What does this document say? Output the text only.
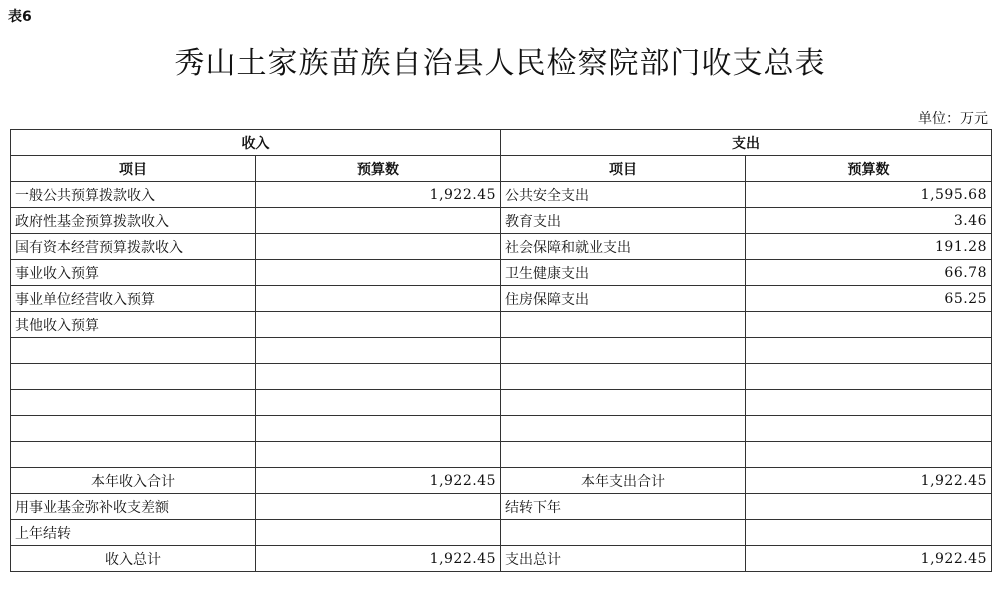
表6
秀山土家族苗族自治县人民检察院部门收支总表
单位：万元
收入		支出	
项目	预算数	项目	预算数
一般公共预算拨款收入	1,922.45	公共安全支出	1,595.68
政府性基金预算拨款收入		教育支出	3.46
国有资本经营预算拨款收入		社会保障和就业支出	191.28
事业收入预算		卫生健康支出	66.78
事业单位经营收入预算		住房保障支出	65.25
其他收入预算			

本年收入合计	1,922.45	本年支出合计	1,922.45
用事业基金弥补收支差额		结转下年	
上年结转			
收入总计	1,922.45	支出总计	1,922.45
